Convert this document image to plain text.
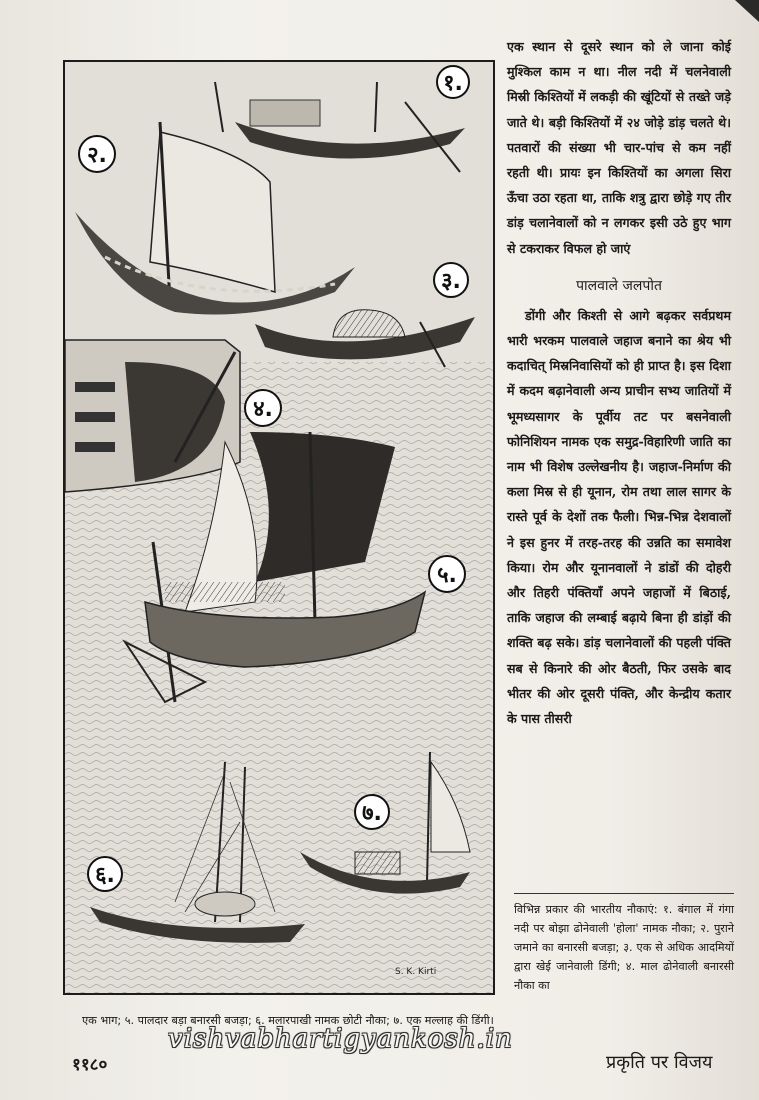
१.
२.
३.
४.
५.
६.
७.
S. K. Kirti
एक स्थान से दूसरे स्थान को ले जाना कोई मुश्किल काम न था। नील नदी में चलनेवाली मिस्री किश्तियों में लकड़ी की खूंटियों से तख्ते जड़े जाते थे। बड़ी किश्तियों में २४ जोड़े डांड़ चलते थे। पतवारों की संख्या भी चार-पांच से कम नहीं रहती थी। प्रायः इन किश्तियों का अगला सिरा ऊँचा उठा रहता था, ताकि शत्रु द्वारा छोड़े गए तीर डांड़ चलानेवालों को न लगकर इसी उठे हुए भाग से टकराकर विफल हो जाएं
पालवाले जलपोत
डोंगी और किश्ती से आगे बढ़कर सर्वप्रथम भारी भरकम पालवाले जहाज बनाने का श्रेय भी कदाचित् मिस्रनिवासियों को ही प्राप्त है। इस दिशा में कदम बढ़ानेवाली अन्य प्राचीन सभ्य जातियों में भूमध्यसागर के पूर्वीय तट पर बसनेवाली फोनिशियन नामक एक समुद्र-विहारिणी जाति का नाम भी विशेष उल्लेखनीय है। जहाज-निर्माण की कला मिस्र से ही यूनान, रोम तथा लाल सागर के रास्ते पूर्व के देशों तक फैली। भिन्न-भिन्न देशवालों ने इस हुनर में तरह-तरह की उन्नति का समावेश किया। रोम और यूनानवालों ने डांडों की दोहरी और तिहरी पंक्तियाँ अपने जहाजों में बिठाई, ताकि जहाज की लम्बाई बढ़ाये बिना ही डांड़ों की शक्ति बढ़ सके। डांड़ चलानेवालों की पहली पंक्ति सब से किनारे की ओर बैठती, फिर उसके बाद भीतर की ओर दूसरी पंक्ति, और केन्द्रीय कतार के पास तीसरी
विभिन्न प्रकार की भारतीय नौकाएं: १. बंगाल में गंगा नदी पर बोझा ढोनेवाली 'होला' नामक नौका; २. पुराने जमाने का बनारसी बजड़ा; ३. एक से अधिक आदमियों द्वारा खेई जानेवाली डिंगी; ४. माल ढोनेवाली बनारसी नौका का
एक भाग; ५. पालदार बड़ा बनारसी बजड़ा; ६. मलारपाखी नामक छोटी नौका; ७. एक मल्लाह की डिंगी।
vishvabhartigyankosh.in
११८०	प्रकृति पर विजय
